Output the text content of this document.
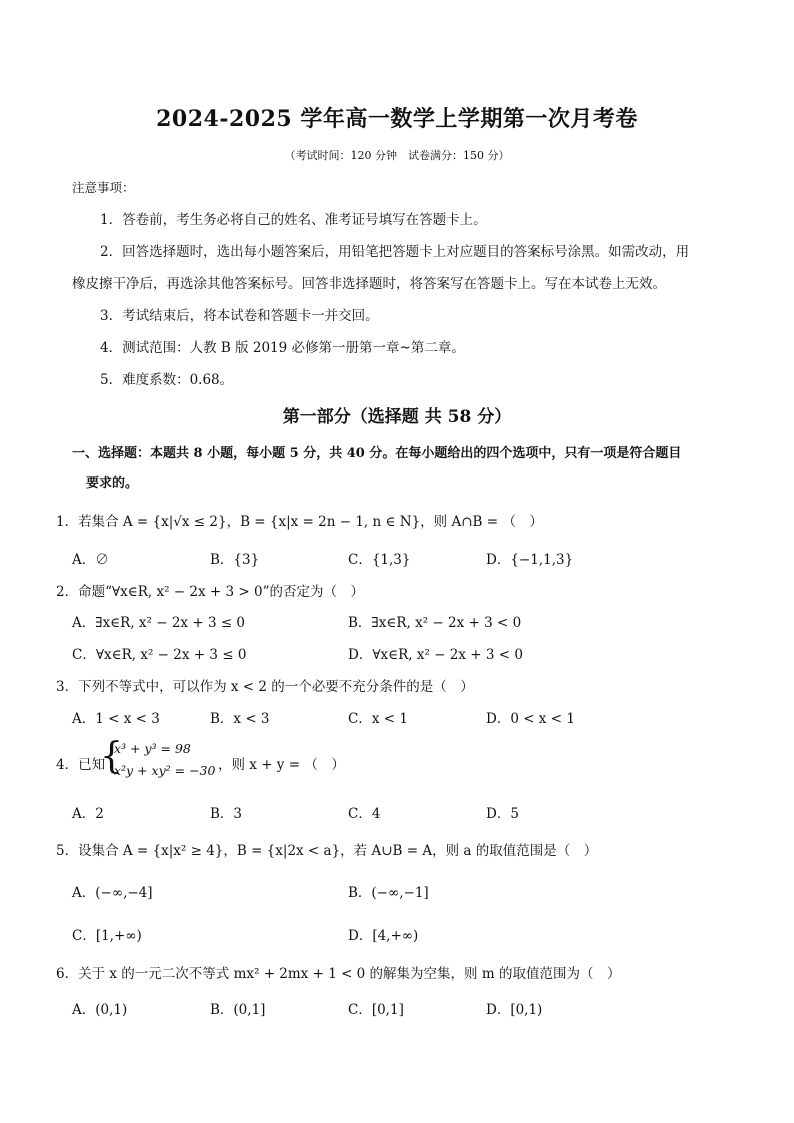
2024-2025 学年高一数学上学期第一次月考卷
（考试时间：120 分钟　试卷满分：150 分）
注意事项：
1．答卷前，考生务必将自己的姓名、准考证号填写在答题卡上。
2．回答选择题时，选出每小题答案后，用铅笔把答题卡上对应题目的答案标号涂黑。如需改动，用
橡皮擦干净后，再选涂其他答案标号。回答非选择题时，将答案写在答题卡上。写在本试卷上无效。
3．考试结束后，将本试卷和答题卡一并交回。
4．测试范围：人教 B 版 2019 必修第一册第一章~第二章。
5．难度系数：0.68。
第一部分（选择题 共 58 分）
一、选择题：本题共 8 小题，每小题 5 分，共 40 分。在每小题给出的四个选项中，只有一项是符合题目
要求的。
1．若集合 A = {x|√x ≤ 2}，B = {x|x = 2n − 1, n ∈ N}，则 A∩B = （　）
A．∅	B．{3}	C．{1,3}	D．{−1,1,3}
2．命题“∀x∈R, x² − 2x + 3 > 0”的否定为（　）
A．∃x∈R, x² − 2x + 3 ≤ 0	B．∃x∈R, x² − 2x + 3 < 0
C．∀x∈R, x² − 2x + 3 ≤ 0	D．∀x∈R, x² − 2x + 3 < 0
3．下列不等式中，可以作为 x < 2 的一个必要不充分条件的是（　）
A．1 < x < 3	B．x < 3	C．x < 1	D．0 < x < 1
4．已知
{
x³ + y³ = 98
x²y + xy² = −30 ，则 x + y = （　）
A．2	B．3	C．4	D．5
5．设集合 A = {x|x² ≥ 4}，B = {x|2x < a}，若 A∪B = A，则 a 的取值范围是（　）
A．(−∞,−4]	B．(−∞,−1]
C．[1,+∞)	D．[4,+∞)
6．关于 x 的一元二次不等式 mx² + 2mx + 1 < 0 的解集为空集，则 m 的取值范围为（　）
A．(0,1)	B．(0,1]	C．[0,1]	D．[0,1)
